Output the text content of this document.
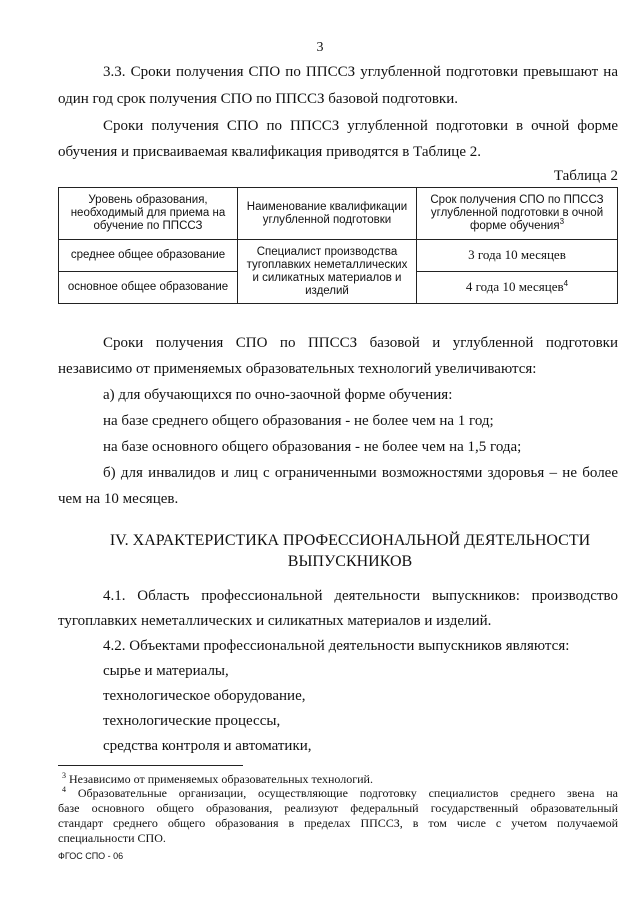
3
3.3. Сроки получения СПО по ППССЗ углубленной подготовки превышают на
один год срок получения СПО по ППССЗ базовой подготовки.
Сроки получения СПО по ППССЗ углубленной подготовки в очной форме
обучения и присваиваемая квалификация приводятся в Таблице 2.
Таблица 2
Уровень образования, необходимый для приема на обучение по ППССЗ	Наименование квалификации углубленной подготовки	Срок получения СПО по ППССЗ углубленной подготовки в очной форме обучения$^3$
среднее общее образование	Специалист производства тугоплавких неметаллических и силикатных материалов и изделий	3 года 10 месяцев
основное общее образование		4 года 10 месяцев$^4$
Сроки получения СПО по ППССЗ базовой и углубленной подготовки
независимо от применяемых образовательных технологий увеличиваются:
а) для обучающихся по очно-заочной форме обучения:
на базе среднего общего образования - не более чем на 1 год;
на базе основного общего образования - не более чем на 1,5 года;
б) для инвалидов и лиц с ограниченными возможностями здоровья – не более
чем на 10 месяцев.
IV. ХАРАКТЕРИСТИКА ПРОФЕССИОНАЛЬНОЙ ДЕЯТЕЛЬНОСТИ
ВЫПУСКНИКОВ
4.1. Область профессиональной деятельности выпускников: производство
тугоплавких неметаллических и силикатных материалов и изделий.
4.2. Объектами профессиональной деятельности выпускников являются:
сырье и материалы,
технологическое оборудование,
технологические процессы,
средства контроля и автоматики,
$^3$ Независимо от применяемых образовательных технологий.
$^4$ Образовательные организации, осуществляющие подготовку специалистов среднего звена на
базе основного общего образования, реализуют федеральный государственный образовательный
стандарт среднего общего образования в пределах ППССЗ, в том числе с учетом получаемой
специальности СПО.
ФГОС СПО - 06
